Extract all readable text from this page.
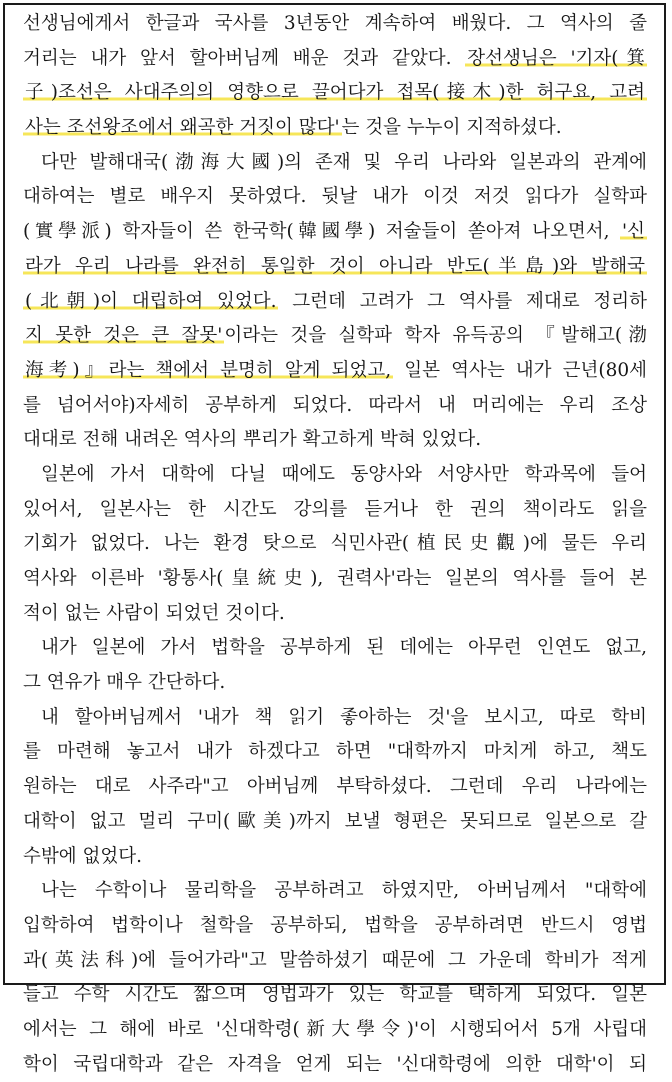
선생님에게서 한글과 국사를 3년동안 계속하여 배웠다. 그 역사의 줄
거리는 내가 앞서 할아버님께 배운 것과 같았다. 장선생님은 '기자(箕
子)조선은 사대주의의 영향으로 끌어다가 접목(接木)한 허구요, 고려
사는 조선왕조에서 왜곡한 거짓이 많다' 는 것을 누누이 지적하셨다.
다만 발해대국(渤海大國)의 존재 및 우리 나라와 일본과의 관계에
대하여는 별로 배우지 못하였다. 뒷날 내가 이것 저것 읽다가 실학파
(實學派) 학자들이 쓴 한국학(韓國學) 저술들이 쏟아져 나오면서, '신
라가 우리 나라를 완전히 통일한 것이 아니라 반도(半島)와 발해국
(北朝)이 대립하여 있었다. 그런데 고려가 그 역사를 제대로 정리하
지 못한 것은 큰 잘못' 이라는 것을 실학파 학자 유득공의 『발해고(渤
海考)』라는 책에서 분명히 알게 되었고, 일본 역사는 내가 근년(80세
를 넘어서야)자세히 공부하게 되었다. 따라서 내 머리에는 우리 조상
대대로 전해 내려온 역사의 뿌리가 확고하게 박혀 있었다.
일본에 가서 대학에 다닐 때에도 동양사와 서양사만 학과목에 들어
있어서, 일본사는 한 시간도 강의를 듣거나 한 권의 책이라도 읽을
기회가 없었다. 나는 환경 탓으로 식민사관(植民史觀)에 물든 우리
역사와 이른바 '황통사(皇統史), 권력사'라는 일본의 역사를 들어 본
적이 없는 사람이 되었던 것이다.
내가 일본에 가서 법학을 공부하게 된 데에는 아무런 인연도 없고,
그 연유가 매우 간단하다.
내 할아버님께서 '내가 책 읽기 좋아하는 것'을 보시고, 따로 학비
를 마련해 놓고서 내가 하겠다고 하면 "대학까지 마치게 하고, 책도
원하는 대로 사주라"고 아버님께 부탁하셨다. 그런데 우리 나라에는
대학이 없고 멀리 구미(歐美)까지 보낼 형편은 못되므로 일본으로 갈
수밖에 없었다.
나는 수학이나 물리학을 공부하려고 하였지만, 아버님께서 "대학에
입학하여 법학이나 철학을 공부하되, 법학을 공부하려면 반드시 영법
과(英法科)에 들어가라"고 말씀하셨기 때문에 그 가운데 학비가 적게
들고 수학 시간도 짧으며 영법과가 있는 학교를 택하게 되었다. 일본
에서는 그 해에 바로 '신대학령(新大學令)'이 시행되어서 5개 사립대
학이 국립대학과 같은 자격을 얻게 되는 '신대학령에 의한 대학'이 되
